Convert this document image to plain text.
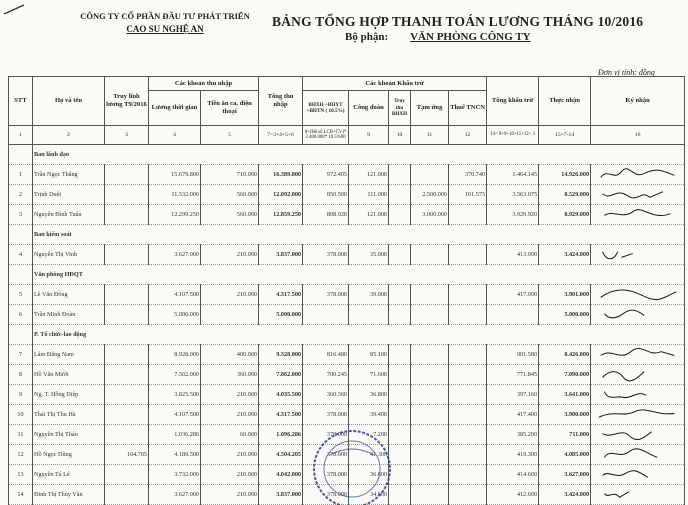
CÔNG TY CỔ PHẦN ĐẦU TƯ PHÁT TRIỂN
CAO SU NGHỆ AN	BẢNG TỔNG HỢP THANH TOÁN LƯƠNG THÁNG 10/2016
Bộ phận: VĂN PHÒNG CÔNG TY
Đơn vị tính: đồng
STT	Họ và tên	Truy lĩnh lương T9/2016	Các khoản thu nhập		Tổng thu nhập	Các khoản Khấu trừ					Tổng khấu trừ	Thực nhận	Ký nhận
			Lương thời gian	Tiền ăn ca, điện thoại		BHXH +BHYT +BHTN ( 10.5%)	Công đoàn	Truy thu BHXH	Tạm ứng	Thuế TNCN			
1	2	3	4	5	7=3+4+5+6	8=(Hệ số LCB+CV)* 2.400.000* 10.5%00	9	10	11	12	14= 8+9+10+11+12+ 3	15=7-14	16
	Ban lãnh đạo												
1	Trần Ngọc Thắng		15.679.800	710.000	16.389.800	972.405	121.000			370.740	1.464.145	14.926.000	

2	Trịnh Duệt		11.532.000	560.000	12.092.000	850.500	111.000		2.500.000	101.575	3.563.075	8.529.000	

3	Nguyễn Đình Tuấn		12.299.250	560.000	12.859.250	808.920	121.000		3.000.000		3.929.920	8.929.000	

	Ban kiểm soát												
4	Nguyễn Thị Vinh		3.627.000	210.000	3.837.000	378.000	35.000				413.000	3.424.000	

	Văn phòng HĐQT												
5	Lê Văn Đông		4.107.500	210.000	4.317.500	378.000	39.000				417.000	3.901.000	

6	Trần Minh Đoàn		5.000.000		5.000.000							5.000.000	

	P. Tổ chức-lao động												
7	Lâm Đăng Nam		8.928.000	400.000	9.328.000	816.480	85.100				901.580	8.426.000	

8	Hồ Văn Mười		7.502.000	360.000	7.862.000	700.245	71.600				771.845	7.090.000	

9	Ng. T. Hồng Diệp		3.825.500	210.000	4.035.500	360.360	36.800				397.160	3.641.000	

10	Thái Thị Thu Hà		4.107.500	210.000	4.317.500	378.000	39.400				417.400	3.900.000	

11	Nguyễn Thị Thảo		1.036.286	60.000	1.096.286	378.000	7.200				385.200	711.000	

12	Hồ Ngọc Dũng	104.705	4.189.500	210.000	4.504.205	378.000	41.300				419.300	4.085.000	

13	Nguyễn Tá Lê		3.732.000	210.000	4.042.000	378.000	36.600				414.600	3.627.000	

14	Đinh Thị Thùy Vân		3.627.000	210.000	3.837.000	378.000	34.600				412.600	3.424.000	
